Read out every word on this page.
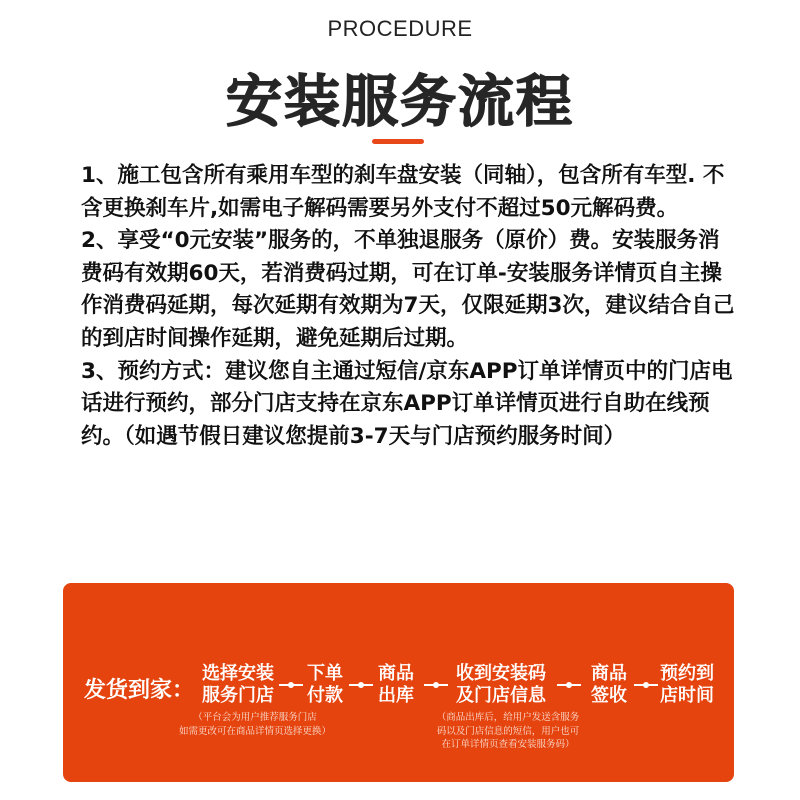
PROCEDURE
安装服务流程

1、施工包含所有乘用车型的刹车盘安装（同轴），包含所有车型. 不含更换刹车片,如需电子解码需要另外支付不超过50元解码费。

2、享受“0元安装”服务的，不单独退服务（原价）费。安装服务消费码有效期60天，若消费码过期，可在订单-安装服务详情页自主操作消费码延期，每次延期有效期为7天，仅限延期3次，建议结合自己的到店时间操作延期，避免延期后过期。

3、预约方式：建议您自主通过短信/京东APP订单详情页中的门店电话进行预约，部分门店支持在京东APP订单详情页进行自助在线预约。（如遇节假日建议您提前3-7天与门店预约服务时间）

发货到家：
选择安装
服务门店
下单
付款
商品
出库
收到安装码
及门店信息
商品
签收
预约到
店时间
（平台会为用户推荐服务门店
如需更改可在商品详情页选择更换）
（商品出库后，给用户发送含服务
码以及门店信息的短信，用户也可
在订单详情页查看安装服务码）
